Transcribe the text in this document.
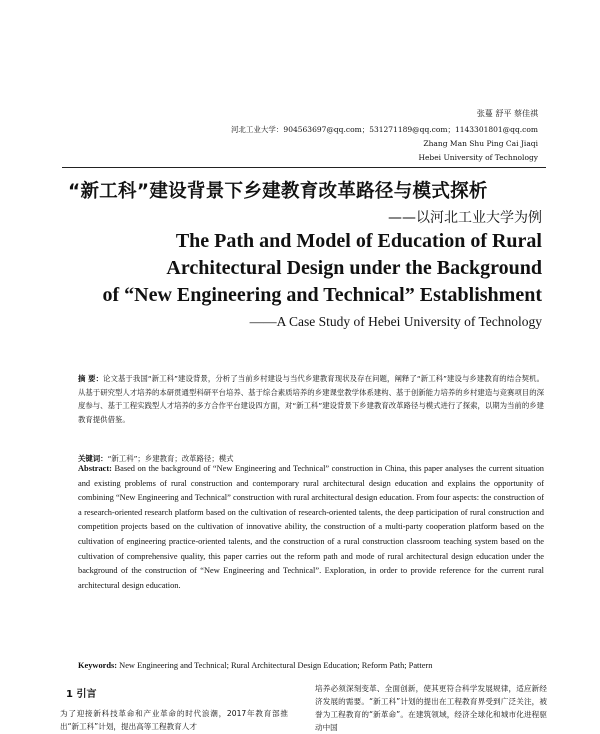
张蔓 舒平 蔡佳祺
河北工业大学：904563697@qq.com；531271189@qq.com；1143301801@qq.com
Zhang Man Shu Ping Cai Jiaqi
Hebei University of Technology
“新工科”建设背景下乡建教育改革路径与模式探析
——以河北工业大学为例
The Path and Model of Education of Rural
Architectural Design under the Background
of “New Engineering and Technical” Establishment
——A Case Study of Hebei University of Technology
摘 要：论文基于我国“新工科”建设背景，分析了当前乡村建设与当代乡建教育现状及存在问题，阐释了“新工科”建设与乡建教育的结合契机。从基于研究型人才培养的本研贯通型科研平台培养、基于综合素质培养的乡建课堂教学体系建构、基于创新能力培养的乡村建造与竞赛项目的深度参与、基于工程实践型人才培养的多方合作平台建设四方面，对“新工科”建设背景下乡建教育改革路径与模式进行了探索，以期为当前的乡建教育提供借鉴。
关键词：“新工科”；乡建教育；改革路径；模式
Abstract: Based on the background of “New Engineering and Technical” construction in China, this paper analyses the current situation and existing problems of rural construction and contemporary rural architectural design education and explains the opportunity of combining “New Engineering and Technical” construction with rural architectural design education. From four aspects: the construction of a research-oriented research platform based on the cultivation of research-oriented talents, the deep participation of rural construction and competition projects based on the cultivation of innovative ability, the construction of a multi-party cooperation platform based on the cultivation of engineering practice-oriented talents, and the construction of a rural construction classroom teaching system based on the cultivation of comprehensive quality, this paper carries out the reform path and mode of rural architectural design education under the background of the construction of “New Engineering and Technical”. Exploration, in order to provide reference for the current rural architectural design education.
Keywords: New Engineering and Technical; Rural Architectural Design Education; Reform Path; Pattern
1 引言
为了迎接新科技革命和产业革命的时代浪潮，2017年教育部推出“新工科”计划，提出高等工程教育人才
培养必须深刻变革、全面创新，使其更符合科学发展规律，适应新经济发展的需要。“新工科”计划的提出在工程教育界受到广泛关注，被誉为工程教育的“新革命”。在建筑领域，经济全球化和城市化进程驱动中国
